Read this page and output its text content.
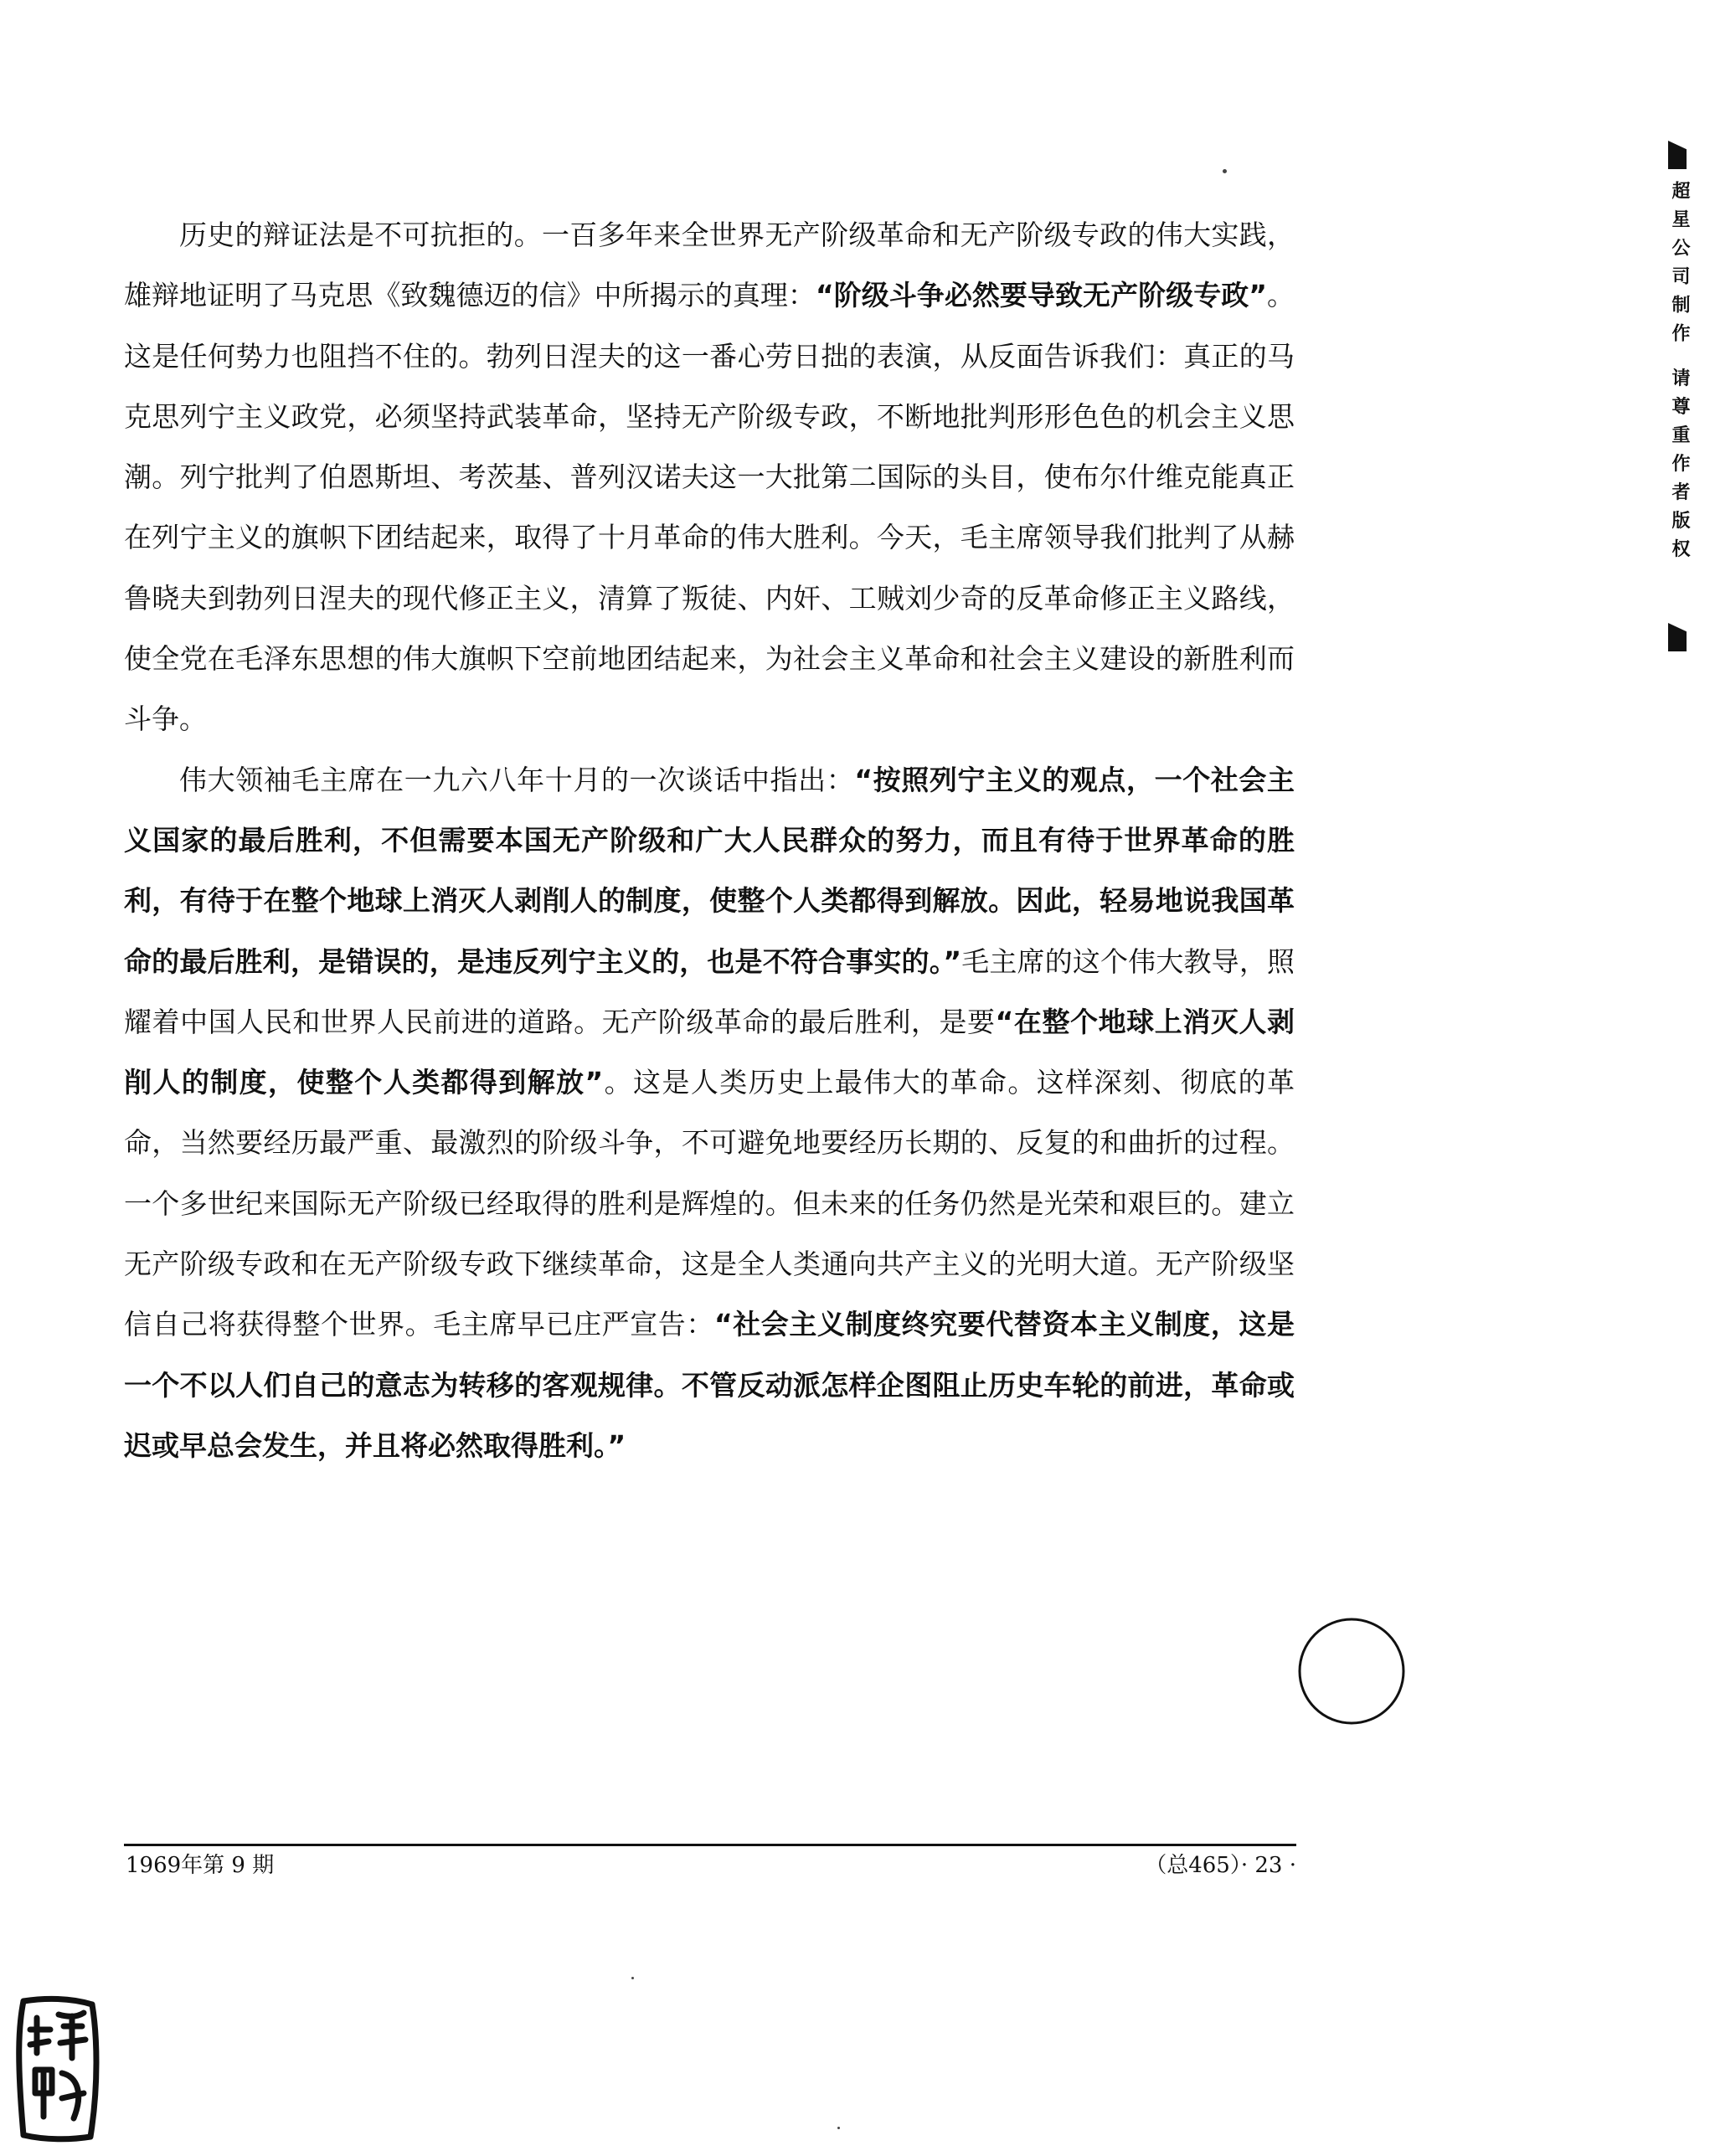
历史的辩证法是不可抗拒的。一百多年来全世界无产阶级革命和无产阶级专政的伟大实践，雄辩地证明了马克思《致魏德迈的信》中所揭示的真理：“阶级斗争必然要导致无产阶级专政”。这是任何势力也阻挡不住的。勃列日涅夫的这一番心劳日拙的表演，从反面告诉我们：真正的马克思列宁主义政党，必须坚持武装革命，坚持无产阶级专政，不断地批判形形色色的机会主义思潮。列宁批判了伯恩斯坦、考茨基、普列汉诺夫这一大批第二国际的头目，使布尔什维克能真正在列宁主义的旗帜下团结起来，取得了十月革命的伟大胜利。今天，毛主席领导我们批判了从赫鲁晓夫到勃列日涅夫的现代修正主义，清算了叛徒、内奸、工贼刘少奇的反革命修正主义路线，使全党在毛泽东思想的伟大旗帜下空前地团结起来，为社会主义革命和社会主义建设的新胜利而斗争。

伟大领袖毛主席在一九六八年十月的一次谈话中指出：“按照列宁主义的观点，一个社会主义国家的最后胜利，不但需要本国无产阶级和广大人民群众的努力，而且有待于世界革命的胜利，有待于在整个地球上消灭人剥削人的制度，使整个人类都得到解放。因此，轻易地说我国革命的最后胜利，是错误的，是违反列宁主义的，也是不符合事实的。”毛主席的这个伟大教导，照耀着中国人民和世界人民前进的道路。无产阶级革命的最后胜利，是要“在整个地球上消灭人剥削人的制度，使整个人类都得到解放”。这是人类历史上最伟大的革命。这样深刻、彻底的革命，当然要经历最严重、最激烈的阶级斗争，不可避免地要经历长期的、反复的和曲折的过程。一个多世纪来国际无产阶级已经取得的胜利是辉煌的。但未来的任务仍然是光荣和艰巨的。建立无产阶级专政和在无产阶级专政下继续革命，这是全人类通向共产主义的光明大道。无产阶级坚信自己将获得整个世界。毛主席早已庄严宣告：“社会主义制度终究要代替资本主义制度，这是一个不以人们自己的意志为转移的客观规律。不管反动派怎样企图阻止历史车轮的前进，革命或迟或早总会发生，并且将必然取得胜利。”

1969年第 9 期	（总465）· 23 ·
超星公司制作 请尊重作者版权
